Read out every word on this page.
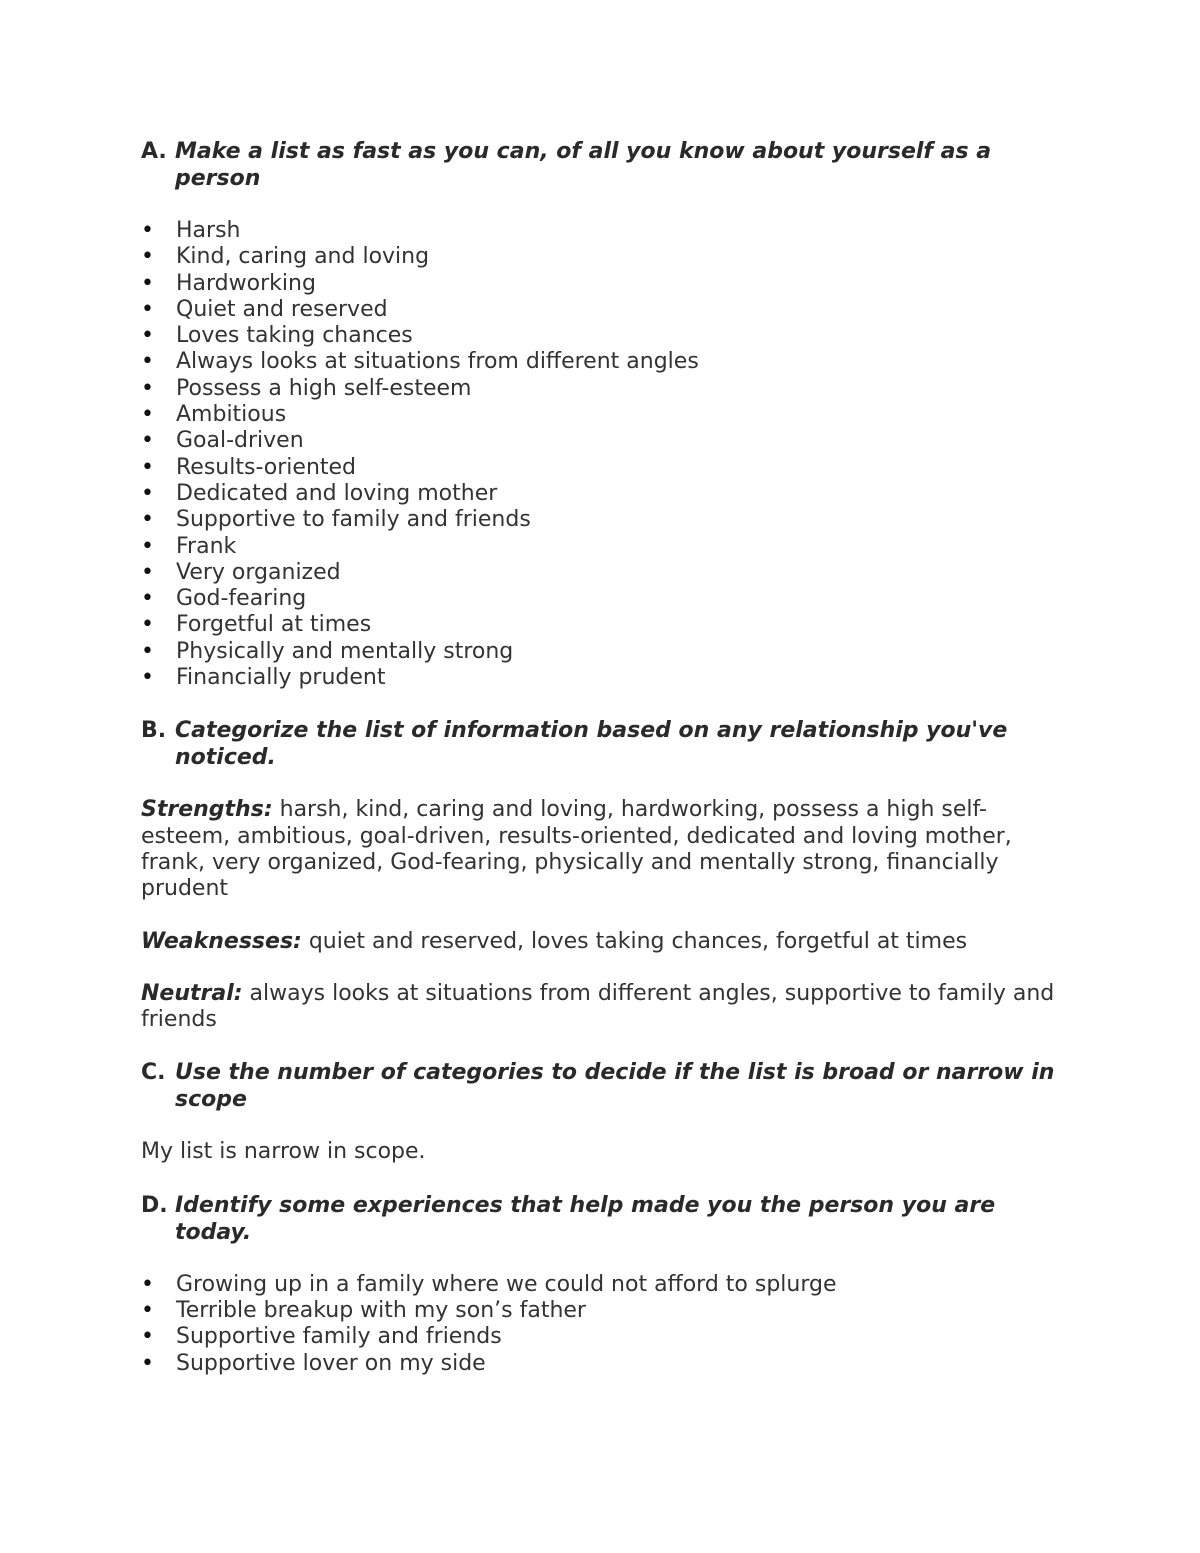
A. Make a list as fast as you can, of all you know about yourself as a person
• Harsh
• Kind, caring and loving
• Hardworking
• Quiet and reserved
• Loves taking chances
• Always looks at situations from different angles
• Possess a high self-esteem
• Ambitious
• Goal-driven
• Results-oriented
• Dedicated and loving mother
• Supportive to family and friends
• Frank
• Very organized
• God-fearing
• Forgetful at times
• Physically and mentally strong
• Financially prudent
B. Categorize the list of information based on any relationship you've noticed.

Strengths: harsh, kind, caring and loving, hardworking, possess a high self-esteem, ambitious, goal-driven, results-oriented, dedicated and loving mother, frank, very organized, God-fearing, physically and mentally strong, financially prudent

Weaknesses: quiet and reserved, loves taking chances, forgetful at times

Neutral: always looks at situations from different angles, supportive to family and friends

C. Use the number of categories to decide if the list is broad or narrow in scope

My list is narrow in scope.

D. Identify some experiences that help made you the person you are today.
• Growing up in a family where we could not afford to splurge
• Terrible breakup with my son’s father
• Supportive family and friends
• Supportive lover on my side
